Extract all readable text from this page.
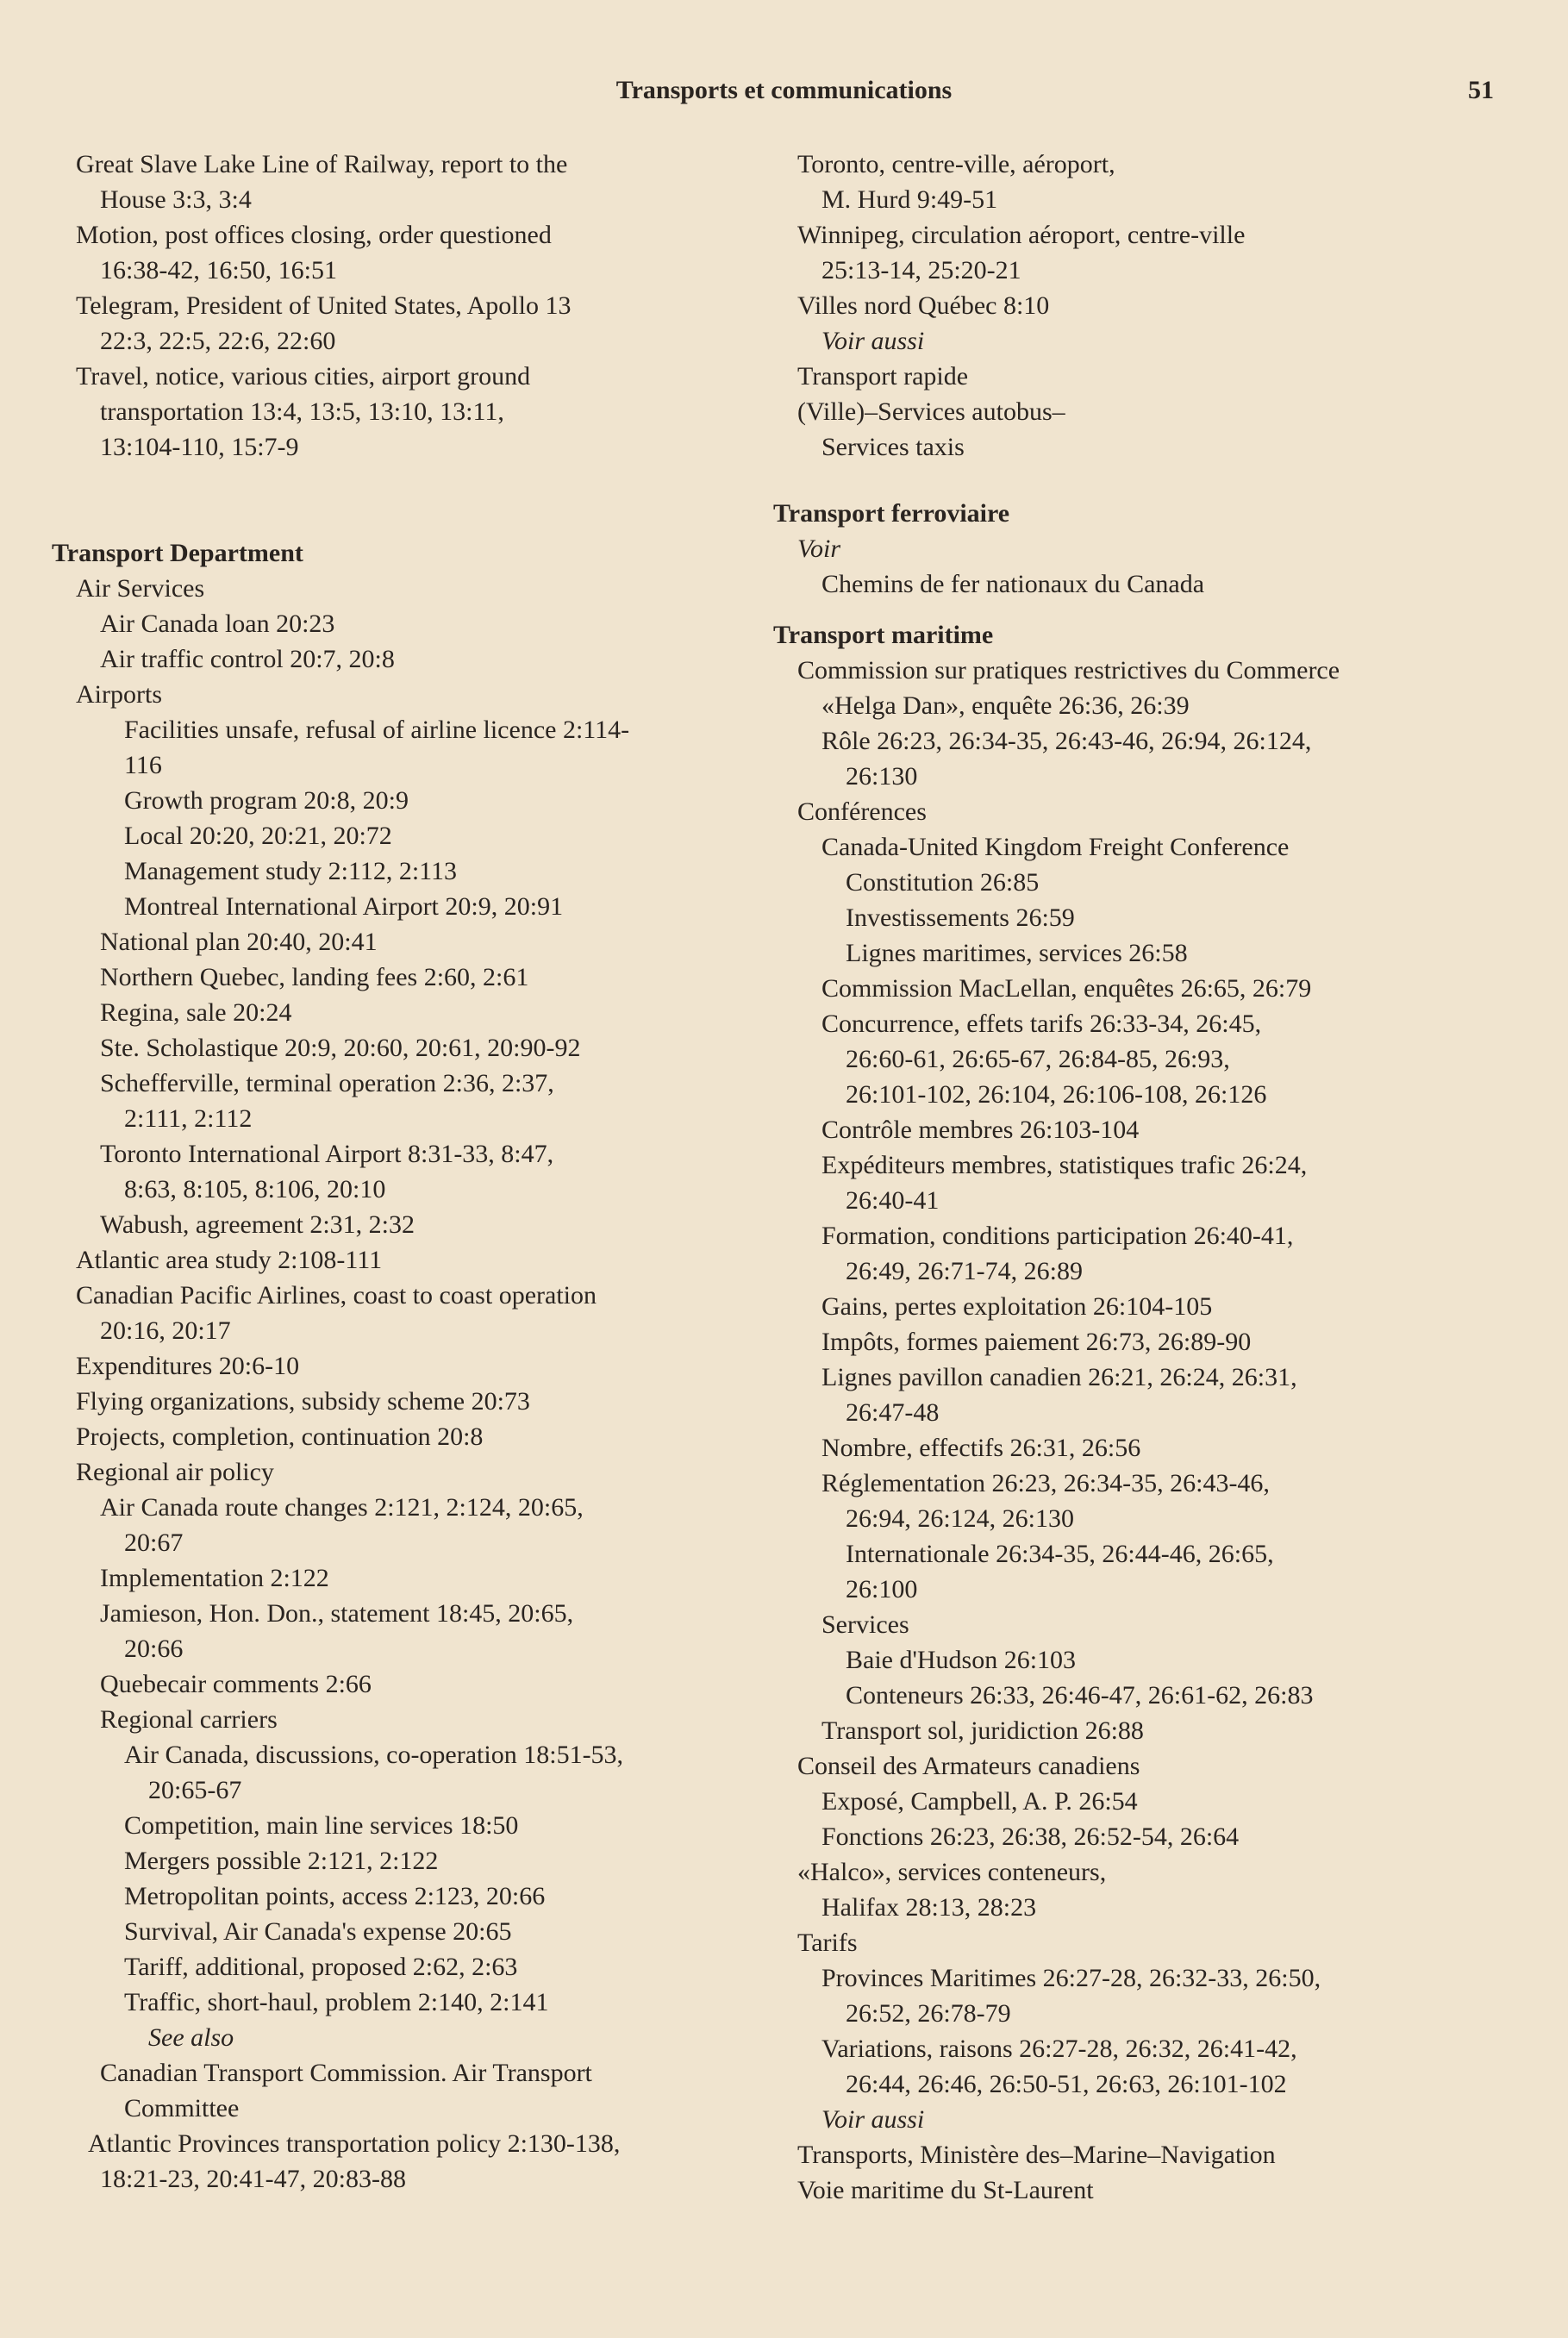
Transports et communications	51

Great Slave Lake Line of Railway, report to the

House 3:3, 3:4

Motion, post offices closing, order questioned

16:38-42, 16:50, 16:51

Telegram, President of United States, Apollo 13

22:3, 22:5, 22:6, 22:60

Travel, notice, various cities, airport ground

transportation 13:4, 13:5, 13:10, 13:11,

13:104-110, 15:7-9

Transport Department

Air Services

Air Canada loan 20:23

Air traffic control 20:7, 20:8

Airports

Facilities unsafe, refusal of airline licence 2:114-

116

Growth program 20:8, 20:9

Local 20:20, 20:21, 20:72

Management study 2:112, 2:113

Montreal International Airport 20:9, 20:91

National plan 20:40, 20:41

Northern Quebec, landing fees 2:60, 2:61

Regina, sale 20:24

Ste. Scholastique 20:9, 20:60, 20:61, 20:90-92

Schefferville, terminal operation 2:36, 2:37,

2:111, 2:112

Toronto International Airport 8:31-33, 8:47,

8:63, 8:105, 8:106, 20:10

Wabush, agreement 2:31, 2:32

Atlantic area study 2:108-111

Canadian Pacific Airlines, coast to coast operation

20:16, 20:17

Expenditures 20:6-10

Flying organizations, subsidy scheme 20:73

Projects, completion, continuation 20:8

Regional air policy

Air Canada route changes 2:121, 2:124, 20:65,

20:67

Implementation 2:122

Jamieson, Hon. Don., statement 18:45, 20:65,

20:66

Quebecair comments 2:66

Regional carriers

Air Canada, discussions, co-operation 18:51-53,

20:65-67

Competition, main line services 18:50

Mergers possible 2:121, 2:122

Metropolitan points, access 2:123, 20:66

Survival, Air Canada's expense 20:65

Tariff, additional, proposed 2:62, 2:63

Traffic, short-haul, problem 2:140, 2:141

See also

Canadian Transport Commission. Air Transport

Committee

Atlantic Provinces transportation policy 2:130-138,

18:21-23, 20:41-47, 20:83-88

Toronto, centre-ville, aéroport,

M. Hurd 9:49-51

Winnipeg, circulation aéroport, centre-ville

25:13-14, 25:20-21

Villes nord Québec 8:10

Voir aussi

Transport rapide

(Ville)–Services autobus–

Services taxis

Transport ferroviaire

Voir

Chemins de fer nationaux du Canada

Transport maritime

Commission sur pratiques restrictives du Commerce

«Helga Dan», enquête 26:36, 26:39

Rôle 26:23, 26:34-35, 26:43-46, 26:94, 26:124,

26:130

Conférences

Canada-United Kingdom Freight Conference

Constitution 26:85

Investissements 26:59

Lignes maritimes, services 26:58

Commission MacLellan, enquêtes 26:65, 26:79

Concurrence, effets tarifs 26:33-34, 26:45,

26:60-61, 26:65-67, 26:84-85, 26:93,

26:101-102, 26:104, 26:106-108, 26:126

Contrôle membres 26:103-104

Expéditeurs membres, statistiques trafic 26:24,

26:40-41

Formation, conditions participation 26:40-41,

26:49, 26:71-74, 26:89

Gains, pertes exploitation 26:104-105

Impôts, formes paiement 26:73, 26:89-90

Lignes pavillon canadien 26:21, 26:24, 26:31,

26:47-48

Nombre, effectifs 26:31, 26:56

Réglementation 26:23, 26:34-35, 26:43-46,

26:94, 26:124, 26:130

Internationale 26:34-35, 26:44-46, 26:65,

26:100

Services

Baie d'Hudson 26:103

Conteneurs 26:33, 26:46-47, 26:61-62, 26:83

Transport sol, juridiction 26:88

Conseil des Armateurs canadiens

Exposé, Campbell, A. P. 26:54

Fonctions 26:23, 26:38, 26:52-54, 26:64

«Halco», services conteneurs,

Halifax 28:13, 28:23

Tarifs

Provinces Maritimes 26:27-28, 26:32-33, 26:50,

26:52, 26:78-79

Variations, raisons 26:27-28, 26:32, 26:41-42,

26:44, 26:46, 26:50-51, 26:63, 26:101-102

Voir aussi

Transports, Ministère des–Marine–Navigation

Voie maritime du St-Laurent
